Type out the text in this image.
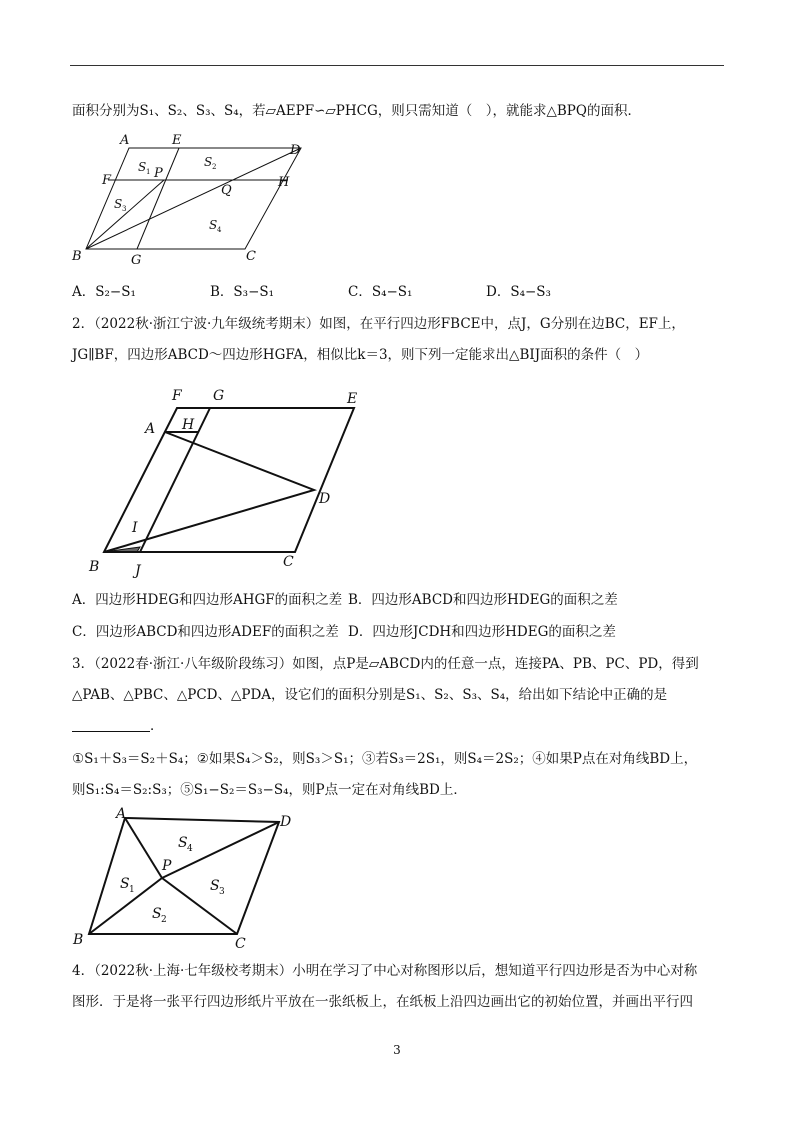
面积分别为S₁、S₂、S₃、S₄，若▱AEPF∽▱PHCG，则只需知道（　），就能求△BPQ的面积．
A	E
D
F	P
H
Q
B	G	C
S 1
S 2
S 3
S 4
A．S₂−S₁	B．S₃−S₁	C．S₄−S₁	D．S₄−S₃
2．（2022秋·浙江宁波·九年级统考期末）如图，在平行四边形FBCE中，点J，G分别在边BC，EF上，
JG∥BF，四边形ABCD～四边形HGFA，相似比k＝3，则下列一定能求出△BIJ面积的条件（　）
F G	E
A H
D
I
B	J
C
A．四边形HDEG和四边形AHGF的面积之差 B．四边形ABCD和四边形HDEG的面积之差
C．四边形ABCD和四边形ADEF的面积之差 D．四边形JCDH和四边形HDEG的面积之差
3．（2022春·浙江·八年级阶段练习）如图，点P是▱ABCD内的任意一点，连接PA、PB、PC、PD，得到
△PAB、△PBC、△PCD、△PDA，设它们的面积分别是S₁、S₂、S₃、S₄，给出如下结论中正确的是
．
①S₁＋S₃＝S₂＋S₄；②如果S₄＞S₂，则S₃＞S₁；③若S₃＝2S₁，则S₄＝2S₂；④如果P点在对角线BD上，
则S₁:S₄＝S₂:S₃；⑤S₁−S₂＝S₃−S₄，则P点一定在对角线BD上．
A	D
P
B	C
S 4
S 1	S 3
S 2
4．（2022秋·上海·七年级校考期末）小明在学习了中心对称图形以后，想知道平行四边形是否为中心对称
图形．于是将一张平行四边形纸片平放在一张纸板上，在纸板上沿四边画出它的初始位置，并画出平行四
3
